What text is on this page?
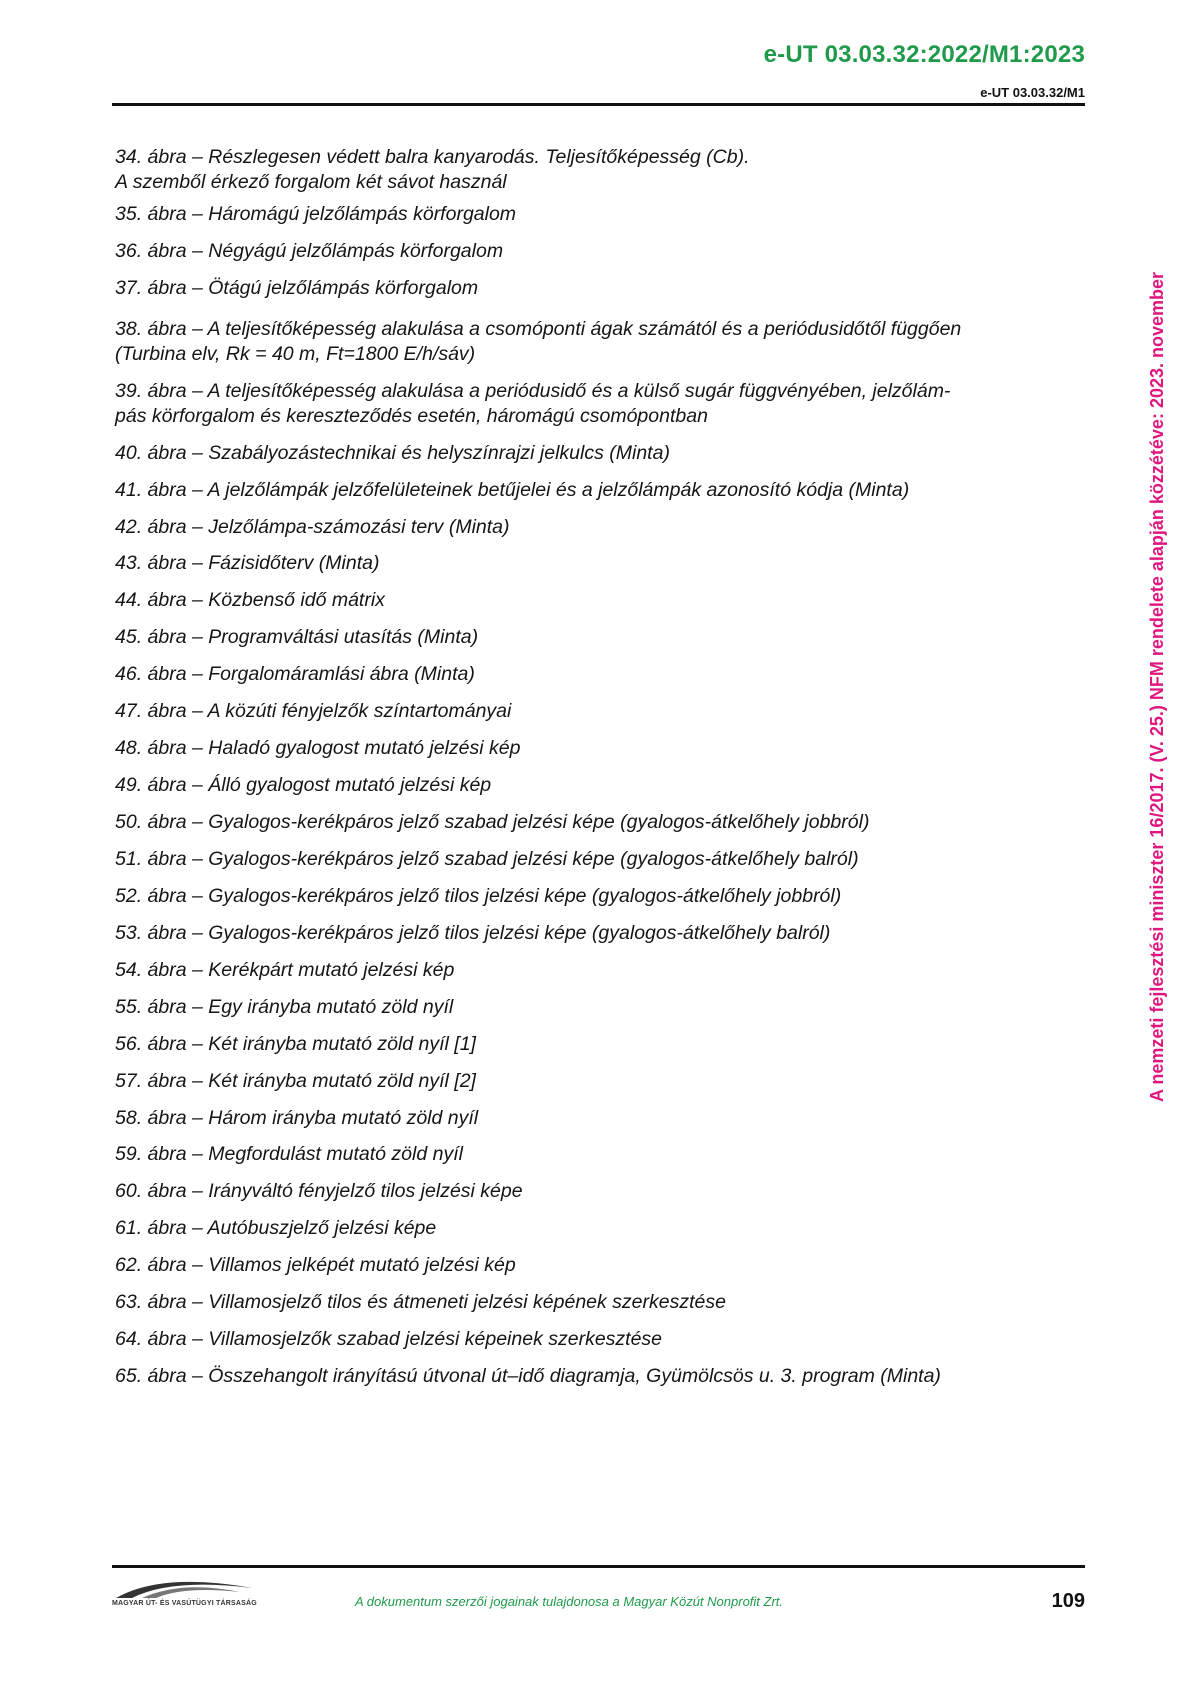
e-UT 03.03.32:2022/M1:2023
e-UT 03.03.32/M1
34. ábra – Részlegesen védett balra kanyarodás. Teljesítőképesség (Cb).
A szemből érkező forgalom két sávot használ
35. ábra – Háromágú jelzőlámpás körforgalom
36. ábra – Négyágú jelzőlámpás körforgalom
37. ábra – Ötágú jelzőlámpás körforgalom
38. ábra – A teljesítőképesség alakulása a csomóponti ágak számától és a periódusidőtől függően
(Turbina elv, Rk = 40 m, Ft=1800 E/h/sáv)
39. ábra – A teljesítőképesség alakulása a periódusidő és a külső sugár függvényében, jelzőlám-
pás körforgalom és kereszteződés esetén, háromágú csomópontban
40. ábra – Szabályozástechnikai és helyszínrajzi jelkulcs (Minta)
41. ábra – A jelzőlámpák jelzőfelületeinek betűjelei és a jelzőlámpák azonosító kódja (Minta)
42. ábra – Jelzőlámpa-számozási terv (Minta)
43. ábra – Fázisidőterv (Minta)
44. ábra – Közbenső idő mátrix
45. ábra – Programváltási utasítás (Minta)
46. ábra – Forgalomáramlási ábra (Minta)
47. ábra – A közúti fényjelzők színtartományai
48. ábra – Haladó gyalogost mutató jelzési kép
49. ábra – Álló gyalogost mutató jelzési kép
50. ábra – Gyalogos-kerékpáros jelző szabad jelzési képe (gyalogos-átkelőhely jobbról)
51. ábra – Gyalogos-kerékpáros jelző szabad jelzési képe (gyalogos-átkelőhely balról)
52. ábra – Gyalogos-kerékpáros jelző tilos jelzési képe (gyalogos-átkelőhely jobbról)
53. ábra – Gyalogos-kerékpáros jelző tilos jelzési képe (gyalogos-átkelőhely balról)
54. ábra – Kerékpárt mutató jelzési kép
55. ábra – Egy irányba mutató zöld nyíl
56. ábra – Két irányba mutató zöld nyíl [1]
57. ábra – Két irányba mutató zöld nyíl [2]
58. ábra – Három irányba mutató zöld nyíl
59. ábra – Megfordulást mutató zöld nyíl
60. ábra – Irányváltó fényjelző tilos jelzési képe
61. ábra – Autóbuszjelző jelzési képe
62. ábra – Villamos jelképét mutató jelzési kép
63. ábra – Villamosjelző tilos és átmeneti jelzési képének szerkesztése
64. ábra – Villamosjelzők szabad jelzési képeinek szerkesztése
65. ábra – Összehangolt irányítású útvonal út–idő diagramja, Gyümölcsös u. 3. program (Minta)
A nemzeti fejlesztési miniszter 16/2017. (V. 25.) NFM rendelete alapján közzétéve: 2023. november
MAGYAR ÚT- ÉS VASÚTÜGYI TÁRSASÁG	A dokumentum szerzői jogainak tulajdonosa a Magyar Közút Nonprofit Zrt.	109
